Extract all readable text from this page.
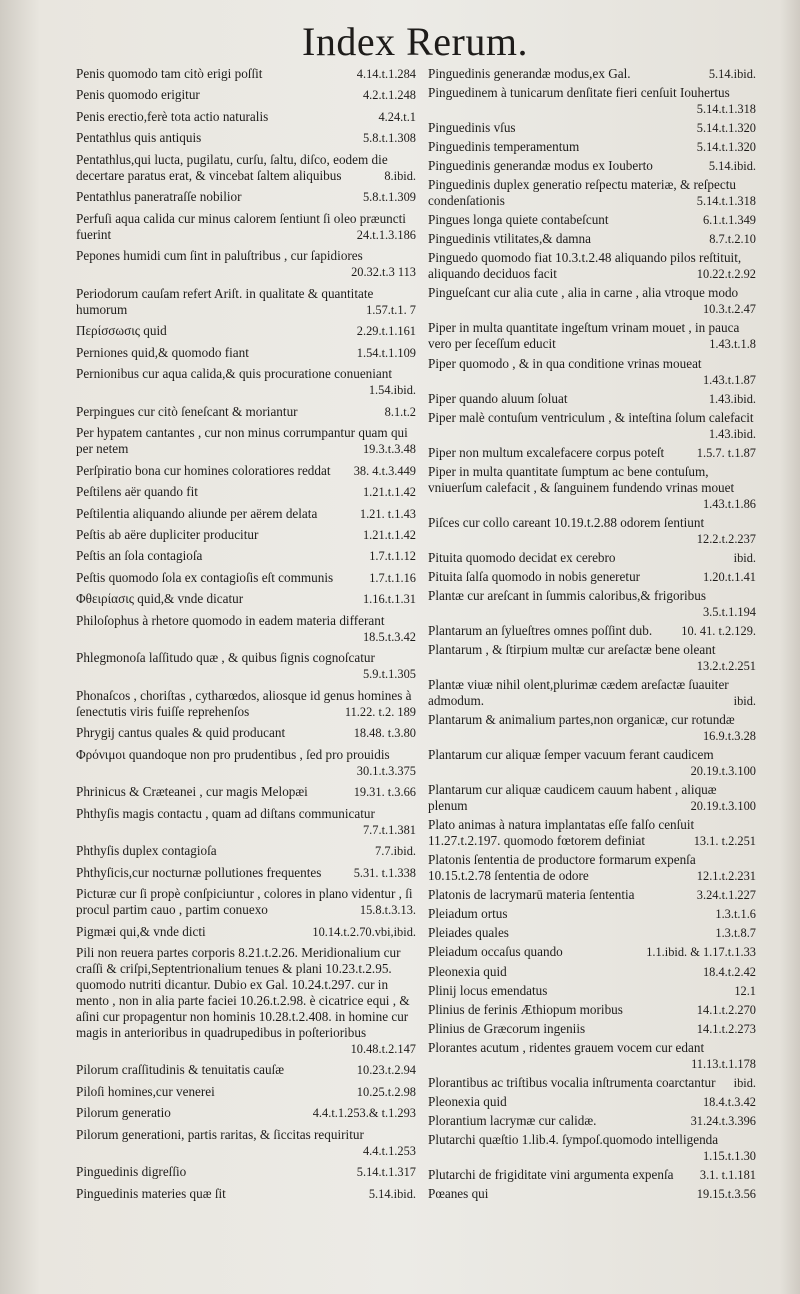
Index Rerum.
Penis quomodo tam citò erigi poſſit	4.14.t.1.284
Penis quomodo erigitur	4.2.t.1.248
Penis erectio,ferè tota actio naturalis	4.24.t.1
Pentathlus quis antiquis	5.8.t.1.308
Pentathlus,qui lucta, pugilatu, curſu, ſaltu, diſco, eodem die decertare paratus erat, & vincebat ſaltem aliquibus	8.ibid.
Pentathlus paneratraſſe nobilior	5.8.t.1.309
Perfuſi aqua calida cur minus calorem ſentiunt ſi oleo præuncti fuerint	24.t.1.3.186
Pepones humidi cum ſint in paluſtribus , cur ſapidiores
20.32.t.3 113
Periodorum cauſam refert Ariſt. in qualitate & quantitate humorum	1.57.t.1. 7
Περίσσωσις quid	2.29.t.1.161
Perniones quid,& quomodo fiant	1.54.t.1.109
Pernionibus cur aqua calida,& quis procuratione conueniant
1.54.ibid.
Perpingues cur citò ſeneſcant & moriantur	8.1.t.2
Per hypatem cantantes , cur non minus corrumpantur quam qui per netem	19.3.t.3.48
Perſpiratio bona cur homines coloratiores reddat	38. 4.t.3.449
Peſtilens aër quando fit	1.21.t.1.42
Peſtilentia aliquando aliunde per aërem delata	1.21. t.1.43
Peſtis ab aëre dupliciter producitur	1.21.t.1.42
Peſtis an ſola contagioſa	1.7.t.1.12
Peſtis quomodo ſola ex contagioſis eſt communis	1.7.t.1.16
Φθειρίασις quid,& vnde dicatur	1.16.t.1.31
Philoſophus à rhetore quomodo in eadem materia differant
18.5.t.3.42
Phlegmonoſa laſſitudo quæ , & quibus ſignis cognoſcatur
5.9.t.1.305
Phonaſcos , choriſtas , cytharœdos, aliosque id genus homines à ſenectutis viris fuiſſe reprehenſos	11.22. t.2. 189
Phrygij cantus quales & quid producant	18.48. t.3.80
Φρόνιμοι quandoque non pro prudentibus , ſed pro prouidis
30.1.t.3.375
Phrinicus & Cræteanei , cur magis Melopæi	19.31. t.3.66
Phthyſis magis contactu , quam ad diſtans communicatur
7.7.t.1.381
Phthyſis duplex contagioſa	7.7.ibid.
Phthyſicis,cur nocturnæ pollutiones frequentes	5.31. t.1.338
Picturæ cur ſi propè conſpiciuntur , colores in plano videntur , ſi procul partim cauo , partim conuexo	15.8.t.3.13.
Pigmæi qui,& vnde dicti	10.14.t.2.70.vbi,ibid.
Pili non reuera partes corporis 8.21.t.2.26. Meridionalium cur craſſi & criſpi,Septentrionalium tenues & plani 10.23.t.2.95. quomodo nutriti dicantur. Dubio ex Gal. 10.24.t.297. cur in mento , non in alia parte faciei 10.26.t.2.98. è cicatrice equi , & aſini cur propagentur non hominis 10.28.t.2.408. in homine cur magis in anterioribus in quadrupedibus in poſterioribus
10.48.t.2.147
Pilorum craſſitudinis & tenuitatis cauſæ	10.23.t.2.94
Piloſi homines,cur venerei	10.25.t.2.98
Pilorum generatio	4.4.t.1.253.& t.1.293
Pilorum generationi, partis raritas, & ſiccitas requiritur
4.4.t.1.253
Pinguedinis digreſſio	5.14.t.1.317
Pinguedinis materies quæ ſit	5.14.ibid.
Pinguedinis generandæ modus,ex Gal.	5.14.ibid.
Pinguedinem à tunicarum denſitate fieri cenſuit Iouhertus
5.14.t.1.318
Pinguedinis vſus	5.14.t.1.320
Pinguedinis temperamentum	5.14.t.1.320
Pinguedinis generandæ modus ex Iouberto	5.14.ibid.
Pinguedinis duplex generatio reſpectu materiæ, & reſpectu condenſationis	5.14.t.1.318
Pingues longa quiete contabeſcunt	6.1.t.1.349
Pinguedinis vtilitates,& damna	8.7.t.2.10
Pinguedo quomodo fiat 10.3.t.2.48 aliquando pilos reſtituit, aliquando deciduos facit	10.22.t.2.92
Pingueſcant cur alia cute , alia in carne , alia vtroque modo
10.3.t.2.47
Piper in multa quantitate ingeſtum vrinam mouet , in pauca vero per ſeceſſum educit	1.43.t.1.8
Piper quomodo , & in qua conditione vrinas moueat
1.43.t.1.87
Piper quando aluum ſoluat	1.43.ibid.
Piper malè contuſum ventriculum , & inteſtina ſolum calefacit
1.43.ibid.
Piper non multum excalefacere corpus poteſt	1.5.7. t.1.87
Piper in multa quantitate ſumptum ac bene contuſum, vniuerſum calefacit , & ſanguinem fundendo vrinas mouet
1.43.t.1.86
Piſces cur collo careant 10.19.t.2.88 odorem ſentiunt
12.2.t.2.237
Pituita quomodo decidat ex cerebro	ibid.
Pituita ſalſa quomodo in nobis generetur	1.20.t.1.41
Plantæ cur areſcant in ſummis caloribus,& frigoribus
3.5.t.1.194
Plantarum an ſylueſtres omnes poſſint dub.	10. 41. t.2.129.
Plantarum , & ſtirpium multæ cur areſactæ bene oleant
13.2.t.2.251
Plantæ viuæ nihil olent,plurimæ cædem areſactæ ſuauiter admodum.	ibid.
Plantarum & animalium partes,non organicæ, cur rotundæ
16.9.t.3.28
Plantarum cur aliquæ ſemper vacuum ferant caudicem
20.19.t.3.100
Plantarum cur aliquæ caudicem cauum habent , aliquæ plenum	20.19.t.3.100
Plato animas à natura implantatas eſſe falſo cenſuit 11.27.t.2.197. quomodo fœtorem definiat	13.1. t.2.251
Platonis ſententia de productore formarum expenſa 10.15.t.2.78 ſententia de odore	12.1.t.2.231
Platonis de lacrymarū materia ſententia	3.24.t.1.227
Pleiadum ortus	1.3.t.1.6
Pleiades quales	1.3.t.8.7
Pleiadum occaſus quando	1.1.ibid. & 1.17.t.1.33
Pleonexia quid	18.4.t.2.42
Plinij locus emendatus	12.1
Plinius de ferinis Æthiopum moribus	14.1.t.2.270
Plinius de Græcorum ingeniis	14.1.t.2.273
Plorantes acutum , ridentes grauem vocem cur edant
11.13.t.1.178
Plorantibus ac triſtibus vocalia inſtrumenta coarctantur	ibid.
Pleonexia quid	18.4.t.3.42
Plorantium lacrymæ cur calidæ.	31.24.t.3.396
Plutarchi quæſtio 1.lib.4. ſympoſ.quomodo intelligenda
1.15.t.1.30
Plutarchi de frigiditate vini argumenta expenſa	3.1. t.1.181
Pœanes qui	19.15.t.3.56
